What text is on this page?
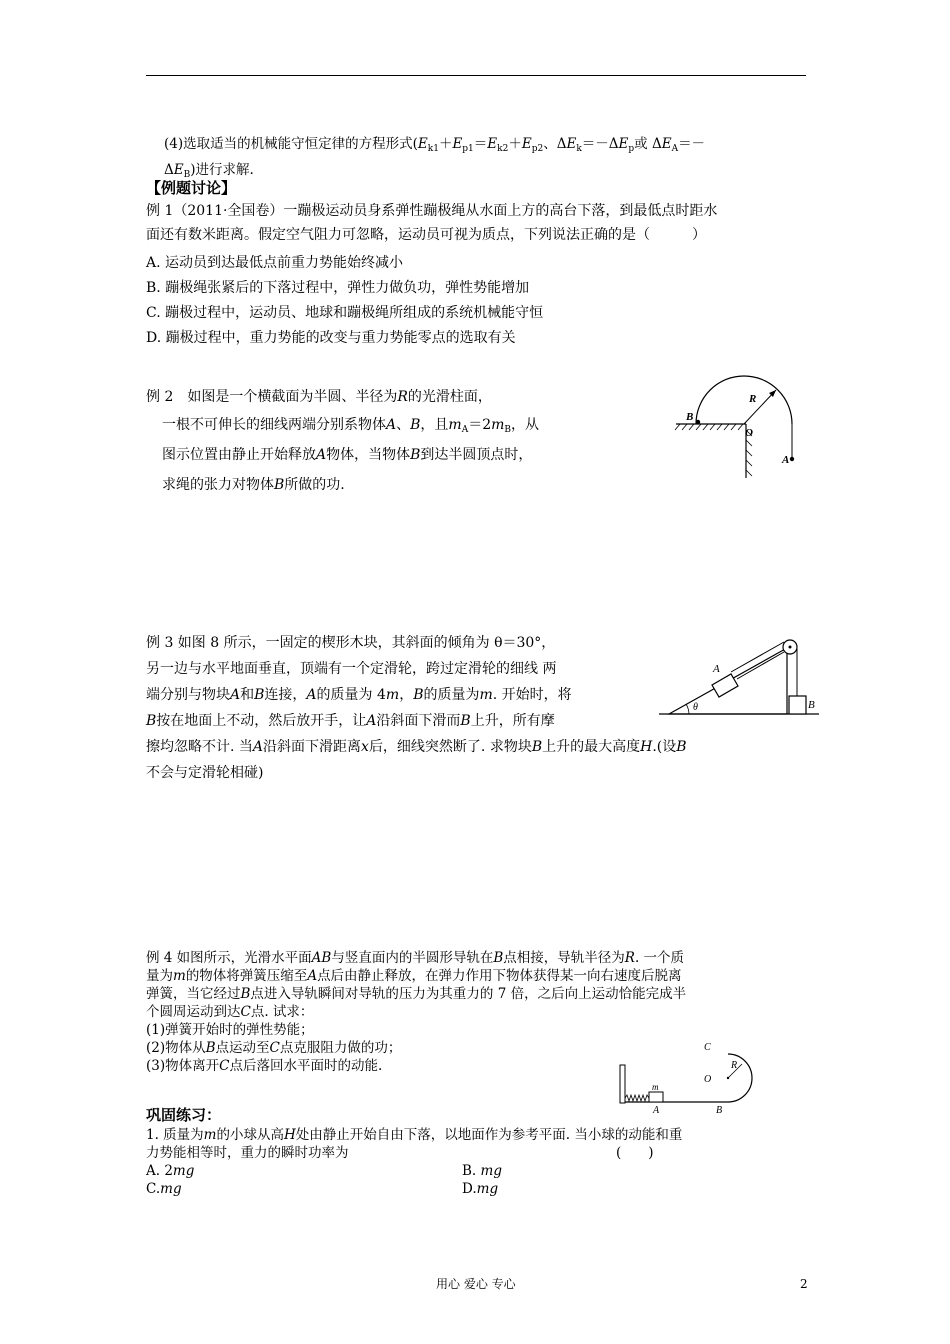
(4)选取适当的机械能守恒定律的方程形式($E_{k1}+E_{p1}=E_{k2}+E_{p2}$、$\Delta E_k=-\Delta E_p$或 $\Delta E_A=-$
$\Delta E_B$)进行求解.
【例题讨论】
例 1（2011·全国卷）一蹦极运动员身系弹性蹦极绳从水面上方的高台下落，到最低点时距水
面还有数米距离。假定空气阻力可忽略，运动员可视为质点，下列说法正确的是（　　　）
A. 运动员到达最低点前重力势能始终减小
B. 蹦极绳张紧后的下落过程中，弹性力做负功，弹性势能增加
C. 蹦极过程中，运动员、地球和蹦极绳所组成的系统机械能守恒
D. 蹦极过程中，重力势能的改变与重力势能零点的选取有关
例 2　如图是一个横截面为半圆、半径为R的光滑柱面，
一根不可伸长的细线两端分别系物体A、B，且$m_A=2m_B$，从
图示位置由静止开始释放A物体，当物体B到达半圆顶点时，
求绳的张力对物体B所做的功.
B
O
R
A
例 3 如图 8 所示，一固定的楔形木块，其斜面的倾角为 θ＝30°，
另一边与水平地面垂直，顶端有一个定滑轮，跨过定滑轮的细线 两
端分别与物块A和B连接，A的质量为 4m，B的质量为m. 开始时，将
B按在地面上不动，然后放开手，让A沿斜面下滑而B上升，所有摩
擦均忽略不计. 当A沿斜面下滑距离x后，细线突然断了. 求物块B上升的最大高度H.(设B
不会与定滑轮相碰)
θ
A
B
例 4 如图所示，光滑水平面AB与竖直面内的半圆形导轨在B点相接，导轨半径为R. 一个质
量为m的物体将弹簧压缩至A点后由静止释放，在弹力作用下物体获得某一向右速度后脱离
弹簧，当它经过B点进入导轨瞬间对导轨的压力为其重力的 7 倍，之后向上运动恰能完成半
个圆周运动到达C点. 试求：
(1)弹簧开始时的弹性势能；
(2)物体从B点运动至C点克服阻力做的功；
(3)物体离开C点后落回水平面时的动能.
m
A	B
C
R
O
巩固练习：
1. 质量为m的小球从高H处由静止开始自由下落，以地面作为参考平面. 当小球的动能和重
力势能相等时，重力的瞬时功率为	(　　)
A. 2mg	B. mg
C.mg	D.mg
用心 爱心 专心	2
